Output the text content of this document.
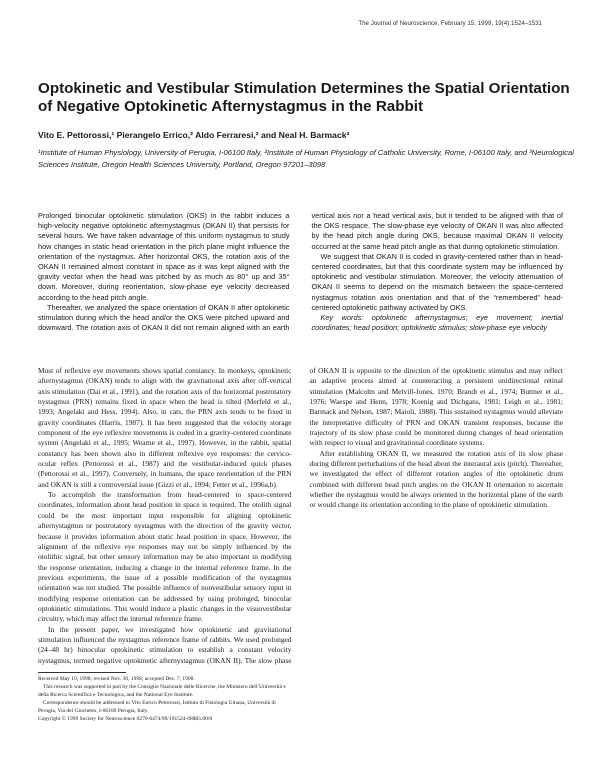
The Journal of Neuroscience, February 15, 1999, 19(4):1524–1531
Optokinetic and Vestibular Stimulation Determines the Spatial Orientation of Negative Optokinetic Afternystagmus in the Rabbit
Vito E. Pettorossi,¹ Pierangelo Errico,² Aldo Ferraresi,² and Neal H. Barmack³
¹Institute of Human Physiology, University of Perugia, I-06100 Italy, ²Institute of Human Physiology of Catholic University, Rome, I-06100 Italy, and ³Neurological Sciences Institute, Oregon Health Sciences University, Portland, Oregon 97201–3098

Prolonged binocular optokinetic stimulation (OKS) in the rabbit induces a high-velocity negative optokinetic afternystagmus (OKAN II) that persists for several hours. We have taken advantage of this uniform nystagmus to study how changes in static head orientation in the pitch plane might influence the orientation of the nystagmus. After horizontal OKS, the rotation axis of the OKAN II remained almost constant in space as it was kept aligned with the gravity vector when the head was pitched by as much as 80° up and 35° down. Moreover, during reorientation, slow-phase eye velocity decreased according to the head pitch angle.

Thereafter, we analyzed the space orientation of OKAN II after optokinetic stimulation during which the head and/or the OKS were pitched upward and downward. The rotation axis of OKAN II did not remain aligned with an earth vertical axis nor a head vertical axis, but it tended to be aligned with that of the OKS respace. The slow-phase eye velocity of OKAN II was also affected by the head pitch angle during OKS, because maximal OKAN II velocity occurred at the same head pitch angle as that during optokinetic stimulation.

We suggest that OKAN II is coded in gravity-centered rather than in head-centered coordinates, but that this coordinate system may be influenced by optokinetic and vestibular stimulation. Moreover, the velocity attenuation of OKAN II seems to depend on the mismatch between the space-centered nystagmus rotation axis orientation and that of the “remembered” head-centered optokinetic pathway activated by OKS.

Key words: optokinetic afternystagmus; eye movement; inertial coordinates; head position; optokinetic stimulus; slow-phase eye velocity

Most of reflexive eye movements shows spatial constancy. In monkeys, optokinetic afternystagmus (OKAN) tends to align with the gravitational axis after off-vertical axis stimulation (Dai et al., 1991), and the rotation axis of the horizontal postrotatory nystagmus (PRN) remains fixed in space when the head is tilted (Merfeld et al., 1993; Angelaki and Hess, 1994). Also, in cats, the PRN axis tends to be fixed in gravity coordinates (Harris, 1987). It has been suggested that the velocity storage component of the eye reflexive movements is coded in a gravity-centered coordinate system (Angelaki et al., 1995; Wearne et al., 1997). However, in the rabbit, spatial constancy has been shown also in different reflexive eye responses: the cervico-ocular reflex (Pettorossi et al., 1987) and the vestibular-induced quick phases (Pettorossi et al., 1997). Conversely, in humans, the space reorientation of the PRN and OKAN is still a controversial issue (Gizzi et al., 1994; Fetter et al., 1996a,b).

To accomplish the transformation from head-centered to space-centered coordinates, information about head position in space is required. The otolith signal could be the most important input responsible for aligning optokinetic afternystagmus or postrotatory nystagmus with the direction of the gravity vector, because it provides information about static head position in space. However, the alignment of the reflexive eye responses may not be simply influenced by the otolithic signal, but other sensory information may be also important in modifying the response orientation, inducing a change in the internal reference frame. In the previous experiments, the issue of a possible modification of the nystagmus orientation was not studied. The possible influence of nonvestibular sensory input in modifying response orientation can be addressed by using prolonged, binocular optokinetic stimulations. This would induce a plastic changes in the visuovestibular circuitry, which may affect the internal reference frame.

In the present paper, we investigated how optokinetic and gravitational stimulation influenced the nystagmus reference frame of rabbits. We used prolonged (24–48 hr) binocular optokinetic stimulation to establish a constant velocity nystagmus, termed negative optokinetic afternystagmus (OKAN II). The slow phase of OKAN II is opposite to the direction of the optokinetic stimulus and may reflect an adaptive process aimed at counteracting a persistent unidirectional retinal stimulation (Malcolm and Melvill-Jones, 1970; Brandt et al., 1974; Buttner et al., 1976; Waespe and Henn, 1978; Koenig and Dichgans, 1981; Leigh et al., 1981; Barmack and Nelson, 1987; Maioli, 1988). This sustained nystagmus would alleviate the interpretative difficulty of PRN and OKAN transient responses, because the trajectory of its slow phase could be monitored during changes of head orientation with respect to visual and gravitational coordinate systems.

After establishing OKAN II, we measured the rotation axis of its slow phase during different perturbations of the head about the interaural axis (pitch). Thereafter, we investigated the effect of different rotation angles of the optokinetic drum combined with different head pitch angles on the OKAN II orientation to ascertain whether the nystagmus would be always oriented in the horizontal plane of the earth or would change its orientation according to the plane of optokinetic stimulation.

Received May 19, 1998; revised Nov. 30, 1998; accepted Dec. 7, 1998.

This research was supported in part by the Consiglio Nazionale delle Ricerche, the Ministero dell’Università e della Ricerca Scientifica e Tecnologica, and the National Eye Institute.

Correspondence should be addressed to Vito Enrico Pettorossi, Istituto di Fisiologia Umana, Università di Perugia, Via del Giochetto, I-06100 Perugia, Italy.

Copyright © 1999 Society for Neuroscience 0270-6474/99/191524-08$05.00/0
